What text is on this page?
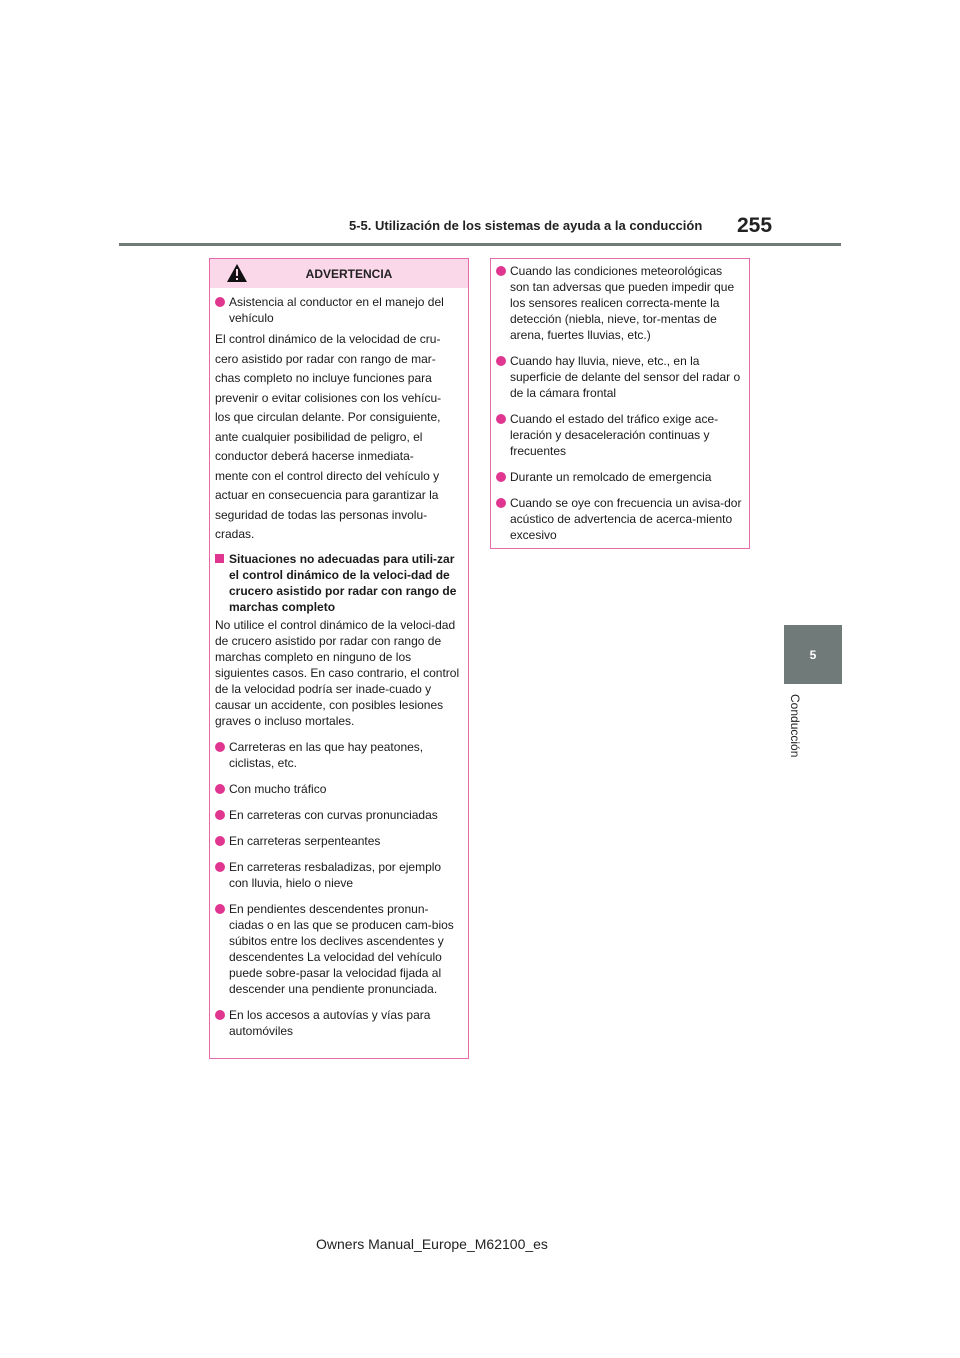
5-5. Utilización de los sistemas de ayuda a la conducción 255
5
Conducción
ADVERTENCIA
Asistencia al conductor en el manejo del vehículo
El control dinámico de la velocidad de cru-
cero asistido por radar con rango de mar-
chas completo no incluye funciones para
prevenir o evitar colisiones con los vehícu-
los que circulan delante. Por consiguiente,
ante cualquier posibilidad de peligro, el
conductor deberá hacerse inmediata-
mente con el control directo del vehículo y
actuar en consecuencia para garantizar la
seguridad de todas las personas involu-
cradas.
Situaciones no adecuadas para utili-zar el control dinámico de la veloci-dad de crucero asistido por radar con rango de marchas completo
No utilice el control dinámico de la veloci-dad de crucero asistido por radar con rango de marchas completo en ninguno de los siguientes casos. En caso contrario, el control de la velocidad podría ser inade-cuado y causar un accidente, con posibles lesiones graves o incluso mortales.
Carreteras en las que hay peatones, ciclistas, etc.
Con mucho tráfico
En carreteras con curvas pronunciadas
En carreteras serpenteantes
En carreteras resbaladizas, por ejemplo con lluvia, hielo o nieve
En pendientes descendentes pronun-ciadas o en las que se producen cam-bios súbitos entre los declives ascendentes y descendentes La velocidad del vehículo puede sobre-pasar la velocidad fijada al descender una pendiente pronunciada.
En los accesos a autovías y vías para automóviles
Cuando las condiciones meteorológicas son tan adversas que pueden impedir que los sensores realicen correcta-mente la detección (niebla, nieve, tor-mentas de arena, fuertes lluvias, etc.)
Cuando hay lluvia, nieve, etc., en la superficie de delante del sensor del radar o de la cámara frontal
Cuando el estado del tráfico exige ace-leración y desaceleración continuas y frecuentes
Durante un remolcado de emergencia
Cuando se oye con frecuencia un avisa-dor acústico de advertencia de acerca-miento excesivo
Owners Manual_Europe_M62100_es
